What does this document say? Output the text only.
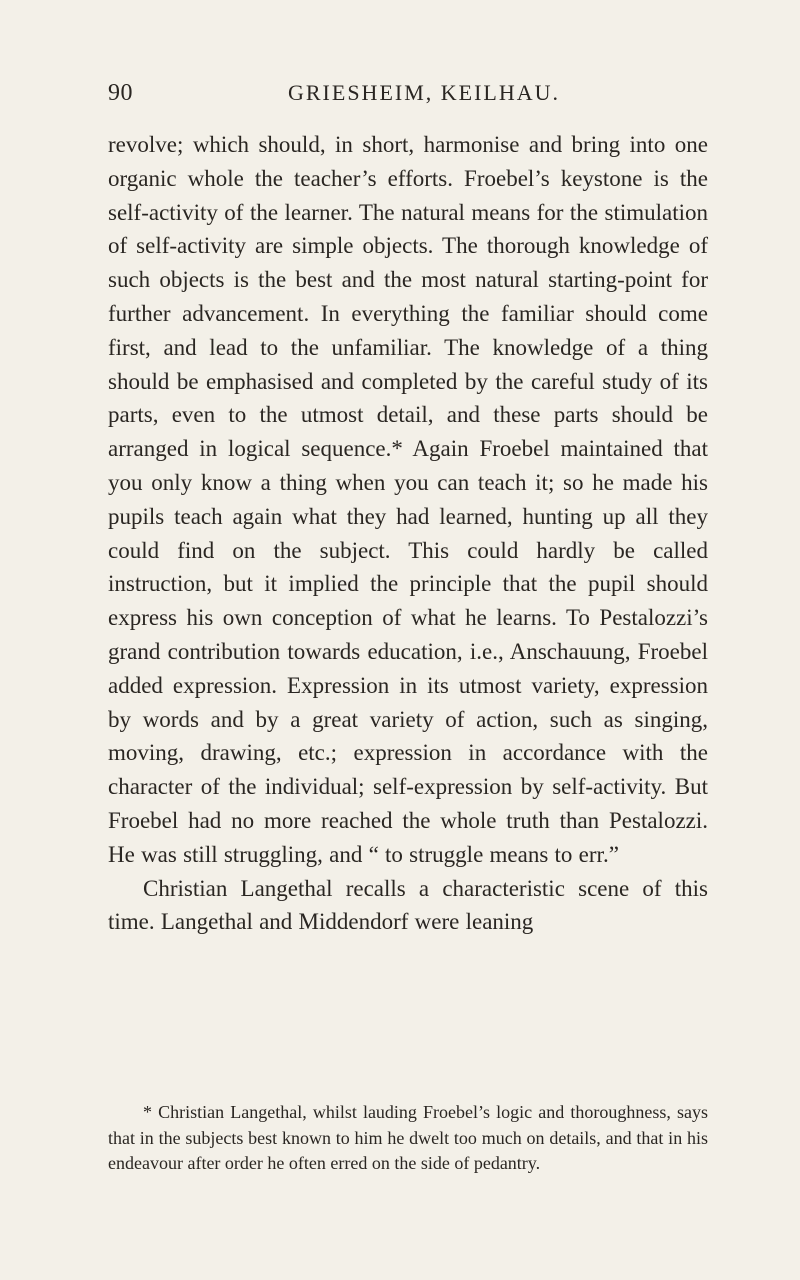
90	GRIESHEIM, KEILHAU.

revolve; which should, in short, harmonise and bring into one organic whole the teacher’s efforts. Froebel’s keystone is the self-activity of the learner. The natural means for the stimulation of self-activity are simple objects. The thorough knowledge of such objects is the best and the most natural starting-point for further advancement. In everything the familiar should come first, and lead to the unfamiliar. The knowledge of a thing should be emphasised and completed by the careful study of its parts, even to the utmost detail, and these parts should be arranged in logical sequence.* Again Froebel maintained that you only know a thing when you can teach it; so he made his pupils teach again what they had learned, hunting up all they could find on the subject. This could hardly be called instruction, but it implied the principle that the pupil should express his own conception of what he learns. To Pestalozzi’s grand contribution towards education, i.e., Anschauung, Froebel added expression. Expression in its utmost variety, expression by words and by a great variety of action, such as singing, moving, drawing, etc.; expression in accordance with the character of the individual; self-expression by self-activity. But Froebel had no more reached the whole truth than Pestalozzi. He was still struggling, and “ to struggle means to err.”

Christian Langethal recalls a characteristic scene of this time. Langethal and Middendorf were leaning

* Christian Langethal, whilst lauding Froebel’s logic and thoroughness, says that in the subjects best known to him he dwelt too much on details, and that in his endeavour after order he often erred on the side of pedantry.
